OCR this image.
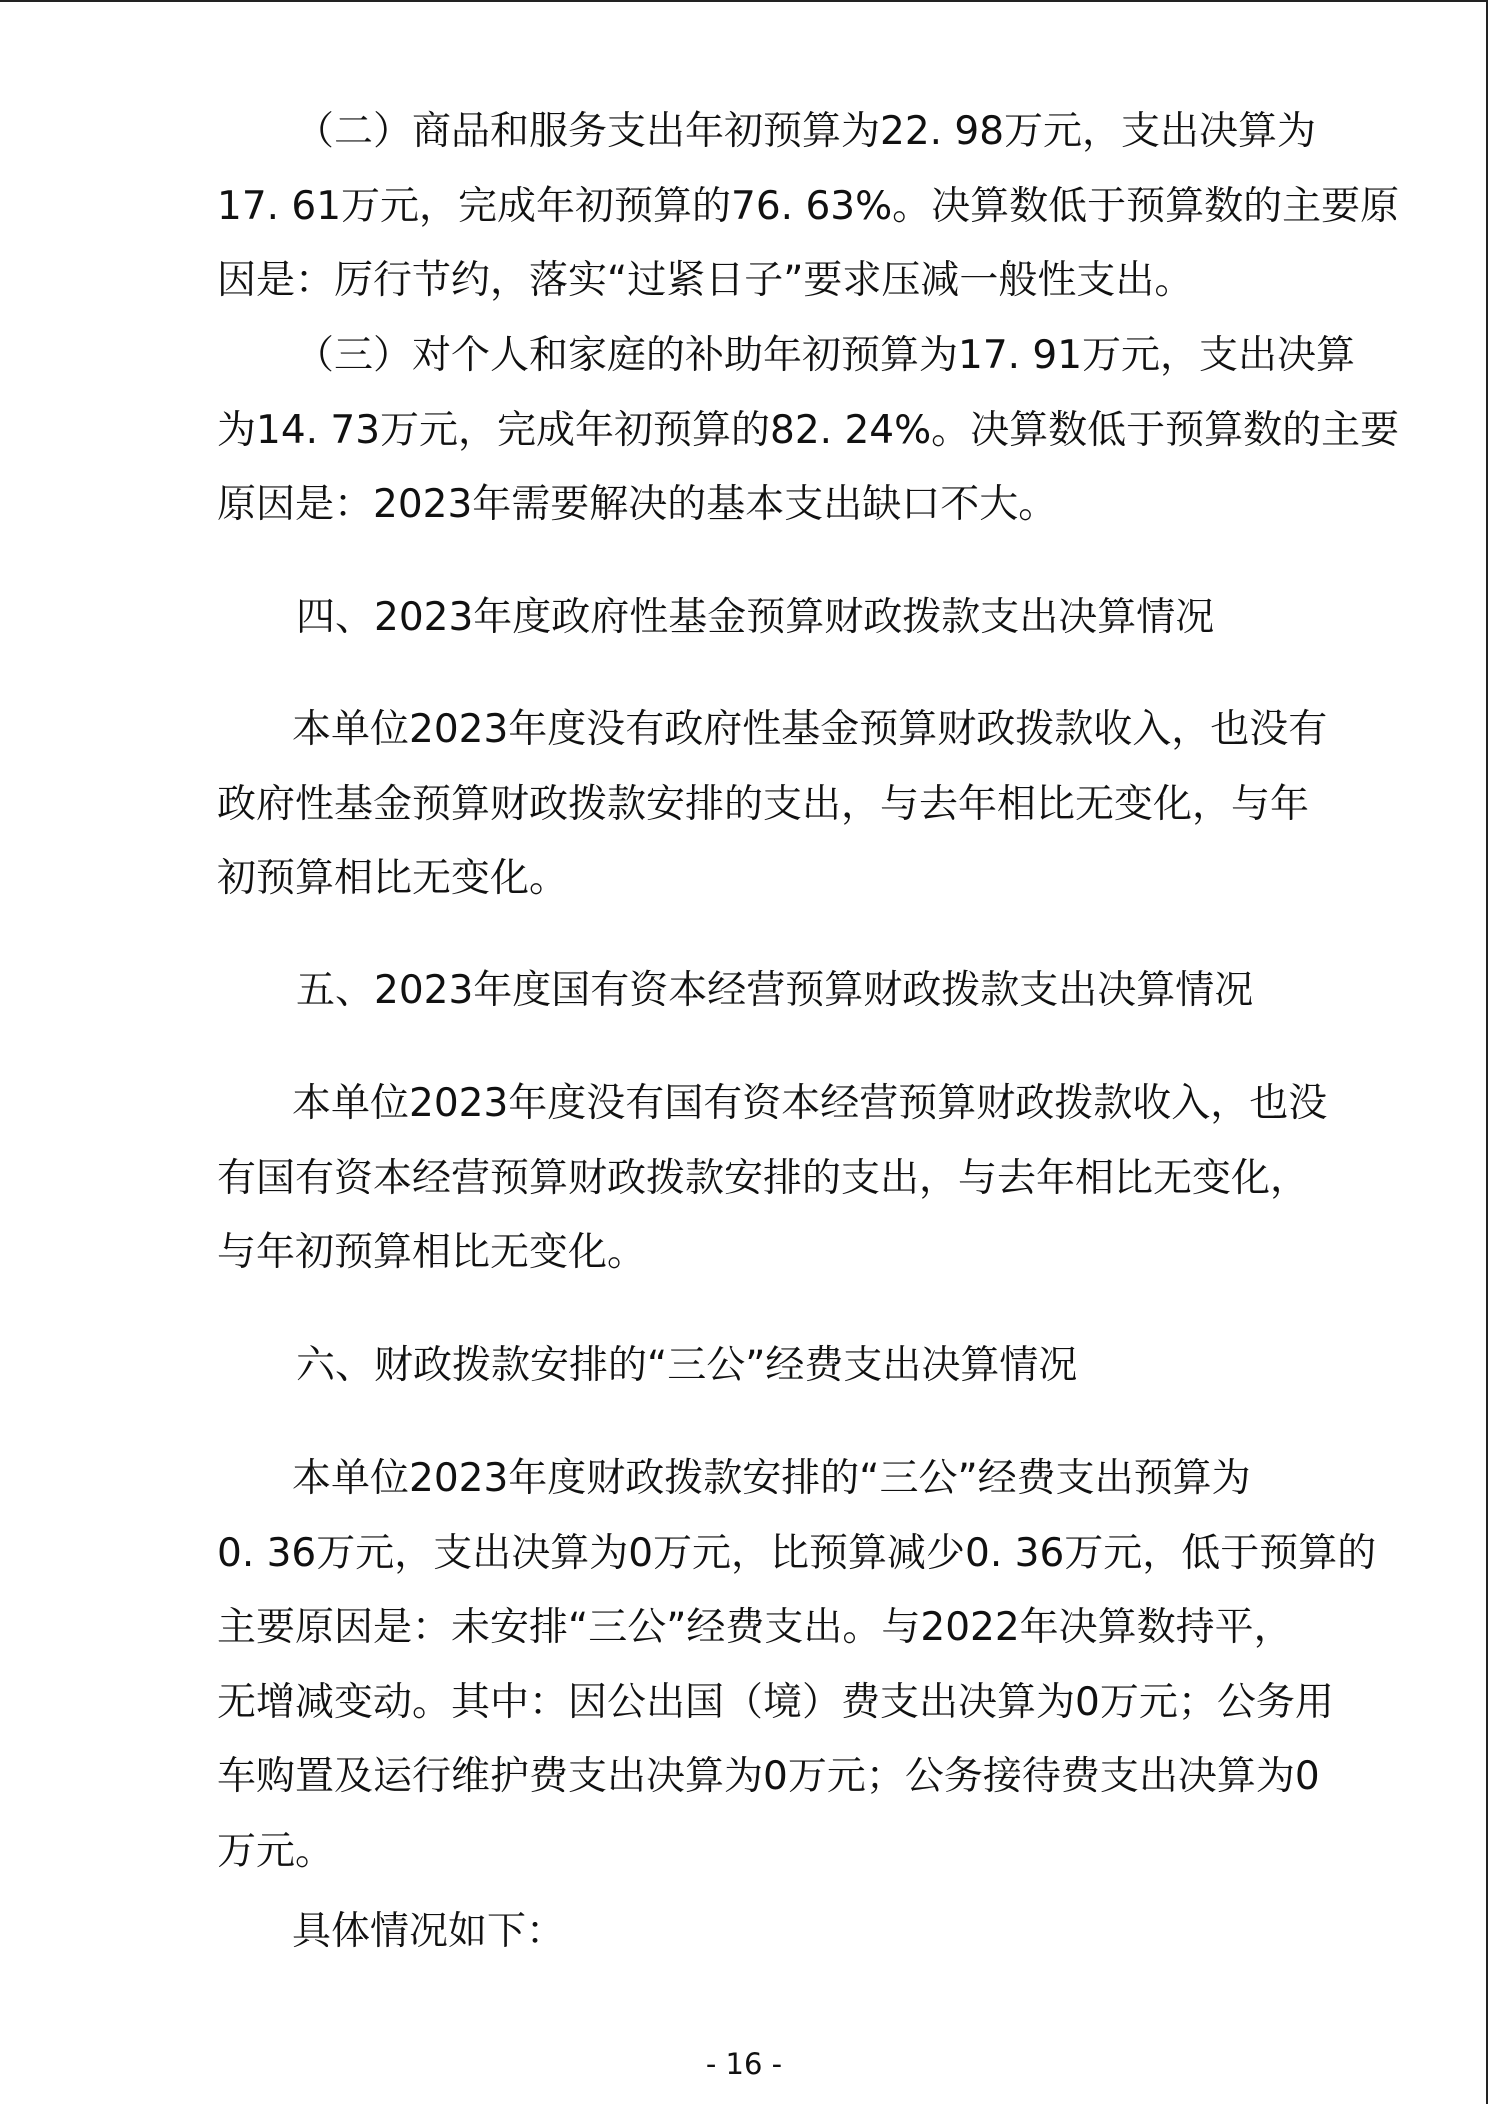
（二）商品和服务支出年初预算为22. 98万元，支出决算为
17. 61万元，完成年初预算的76. 63%。决算数低于预算数的主要原
因是：厉行节约，落实“过紧日子”要求压减一般性支出。
（三）对个人和家庭的补助年初预算为17. 91万元，支出决算
为14. 73万元，完成年初预算的82. 24%。决算数低于预算数的主要
原因是：2023年需要解决的基本支出缺口不大。
四、2023年度政府性基金预算财政拨款支出决算情况
本单位2023年度没有政府性基金预算财政拨款收入，也没有
政府性基金预算财政拨款安排的支出，与去年相比无变化，与年
初预算相比无变化。
五、2023年度国有资本经营预算财政拨款支出决算情况
本单位2023年度没有国有资本经营预算财政拨款收入，也没
有国有资本经营预算财政拨款安排的支出，与去年相比无变化，
与年初预算相比无变化。
六、财政拨款安排的“三公”经费支出决算情况
本单位2023年度财政拨款安排的“三公”经费支出预算为
0. 36万元，支出决算为0万元，比预算减少0. 36万元，低于预算的
主要原因是：未安排“三公”经费支出。与2022年决算数持平，
无增减变动。其中：因公出国（境）费支出决算为0万元；公务用
车购置及运行维护费支出决算为0万元；公务接待费支出决算为0
万元。
具体情况如下：
- 16 -
